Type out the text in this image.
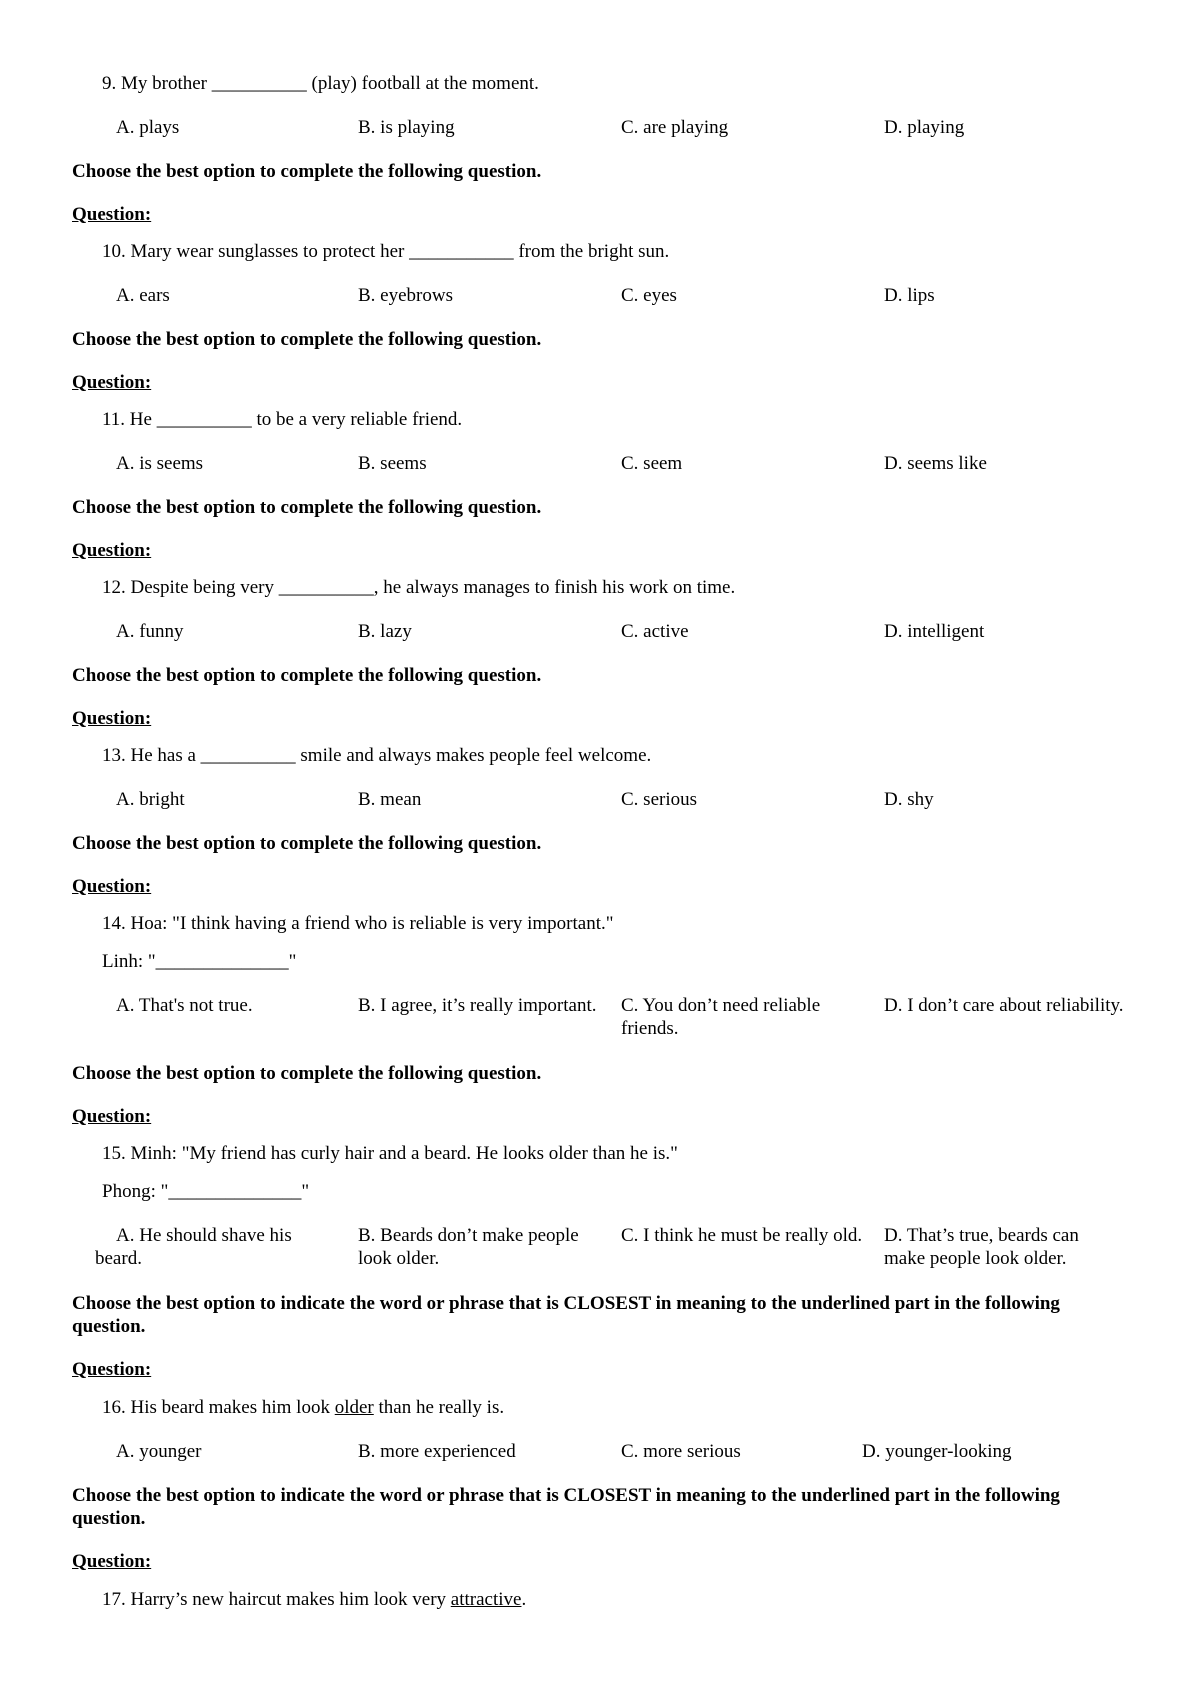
9. My brother __________ (play) football at the moment.
A. plays	B. is playing	C. are playing	D. playing
Choose the best option to complete the following question.
Question:
10. Mary wear sunglasses to protect her ___________ from the bright sun.
A. ears	B. eyebrows	C. eyes	D. lips
Choose the best option to complete the following question.
Question:
11. He __________ to be a very reliable friend.
A. is seems	B. seems	C. seem	D. seems like
Choose the best option to complete the following question.
Question:
12. Despite being very __________, he always manages to finish his work on time.
A. funny	B. lazy	C. active	D. intelligent
Choose the best option to complete the following question.
Question:
13. He has a __________ smile and always makes people feel welcome.
A. bright	B. mean	C. serious	D. shy
Choose the best option to complete the following question.
Question:
14. Hoa: "I think having a friend who is reliable is very important."
Linh: "______________"
A. That's not true.	B. I agree, it’s really important.	C. You don’t need reliable friends.
D. I don’t care about reliability.
Choose the best option to complete the following question.
Question:
15. Minh: "My friend has curly hair and a beard. He looks older than he is."
Phong: "______________"
A. He should shave his beard.
B. Beards don’t make people look older.
C. I think he must be really old.	D. That’s true, beards can make people look older.
Choose the best option to indicate the word or phrase that is CLOSEST in meaning to the underlined part in the following question.
Question:
16. His beard makes him look older than he really is.
A. younger	B. more experienced	C. more serious	D. younger-looking
Choose the best option to indicate the word or phrase that is CLOSEST in meaning to the underlined part in the following question.
Question:
17. Harry’s new haircut makes him look very attractive.
